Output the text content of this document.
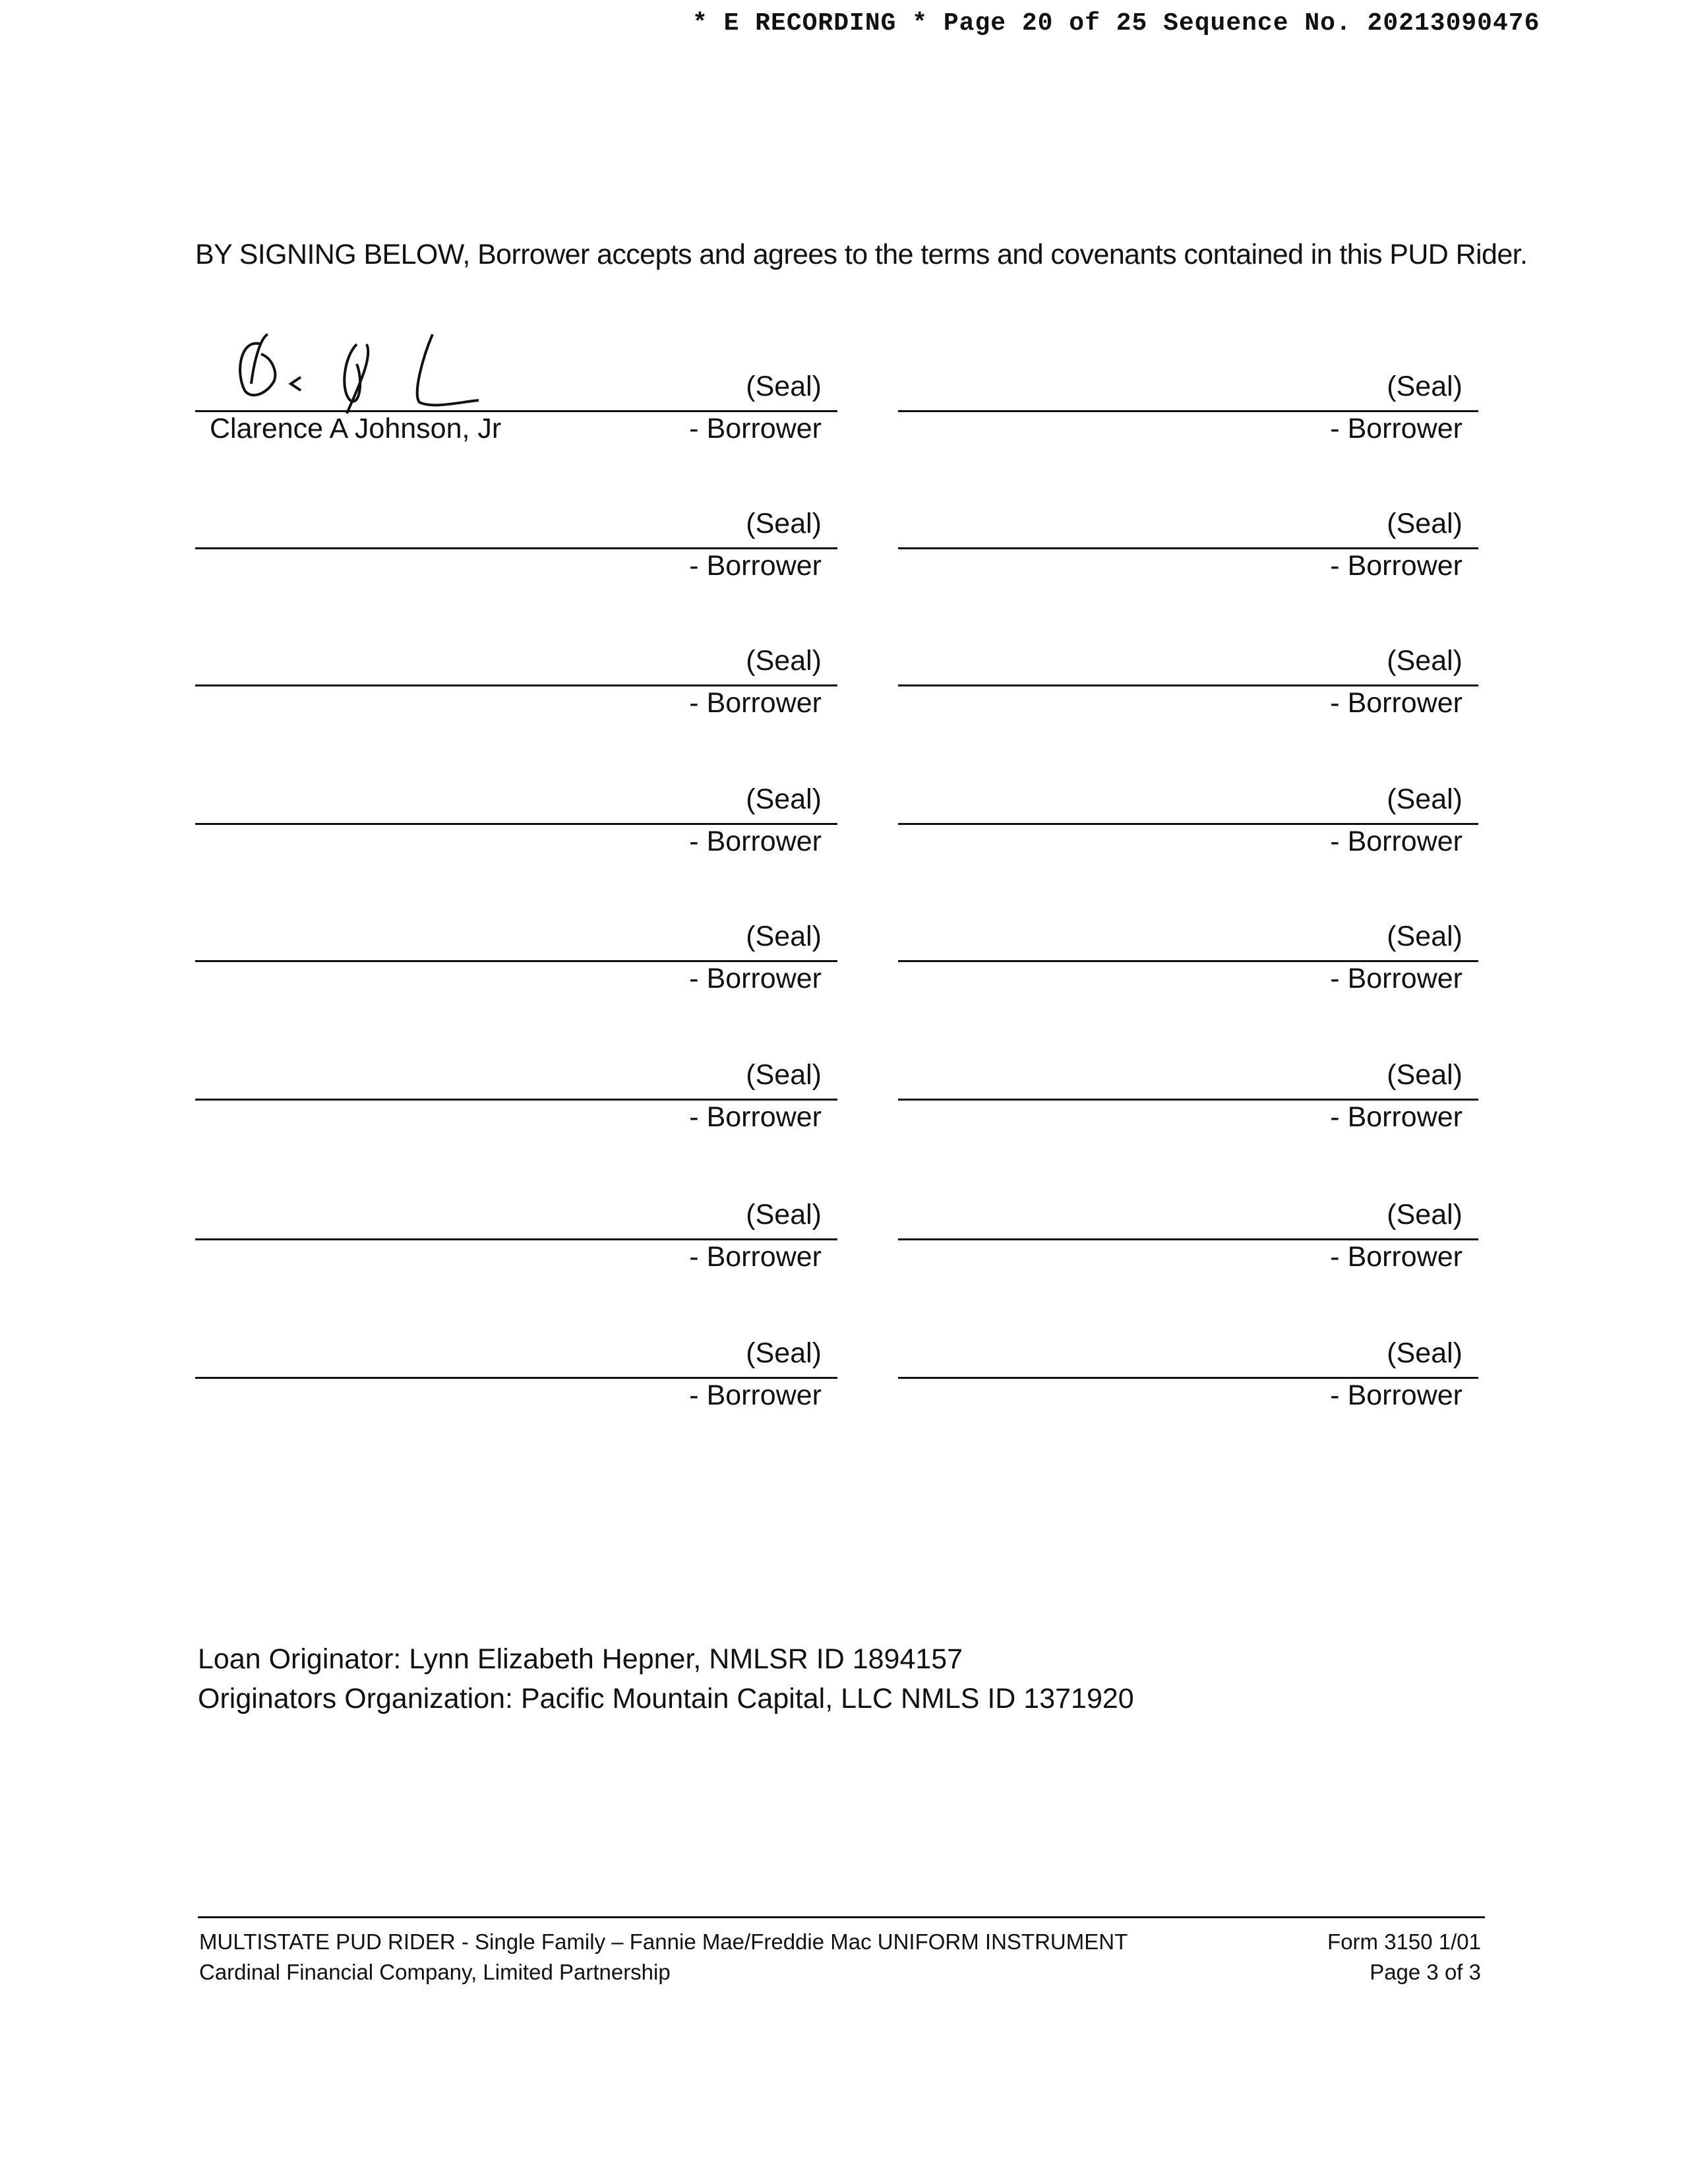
* E RECORDING * Page 20 of 25 Sequence No. 20213090476
BY SIGNING BELOW, Borrower accepts and agrees to the terms and covenants contained in this PUD Rider.
(Seal)
Clarence A Johnson, Jr	- Borrower
(Seal)
- Borrower
(Seal)
- Borrower
(Seal)
- Borrower
(Seal)
- Borrower
(Seal)
- Borrower
(Seal)
- Borrower
(Seal)
- Borrower
(Seal)
- Borrower
(Seal)
- Borrower
(Seal)
- Borrower
(Seal)
- Borrower
(Seal)
- Borrower
(Seal)
- Borrower
(Seal)
- Borrower
(Seal)
- Borrower
Loan Originator: Lynn Elizabeth Hepner, NMLSR ID 1894157
Originators Organization: Pacific Mountain Capital, LLC NMLS ID 1371920
MULTISTATE PUD RIDER - Single Family – Fannie Mae/Freddie Mac UNIFORM INSTRUMENT
Cardinal Financial Company, Limited Partnership
Form 3150 1/01
Page 3 of 3
